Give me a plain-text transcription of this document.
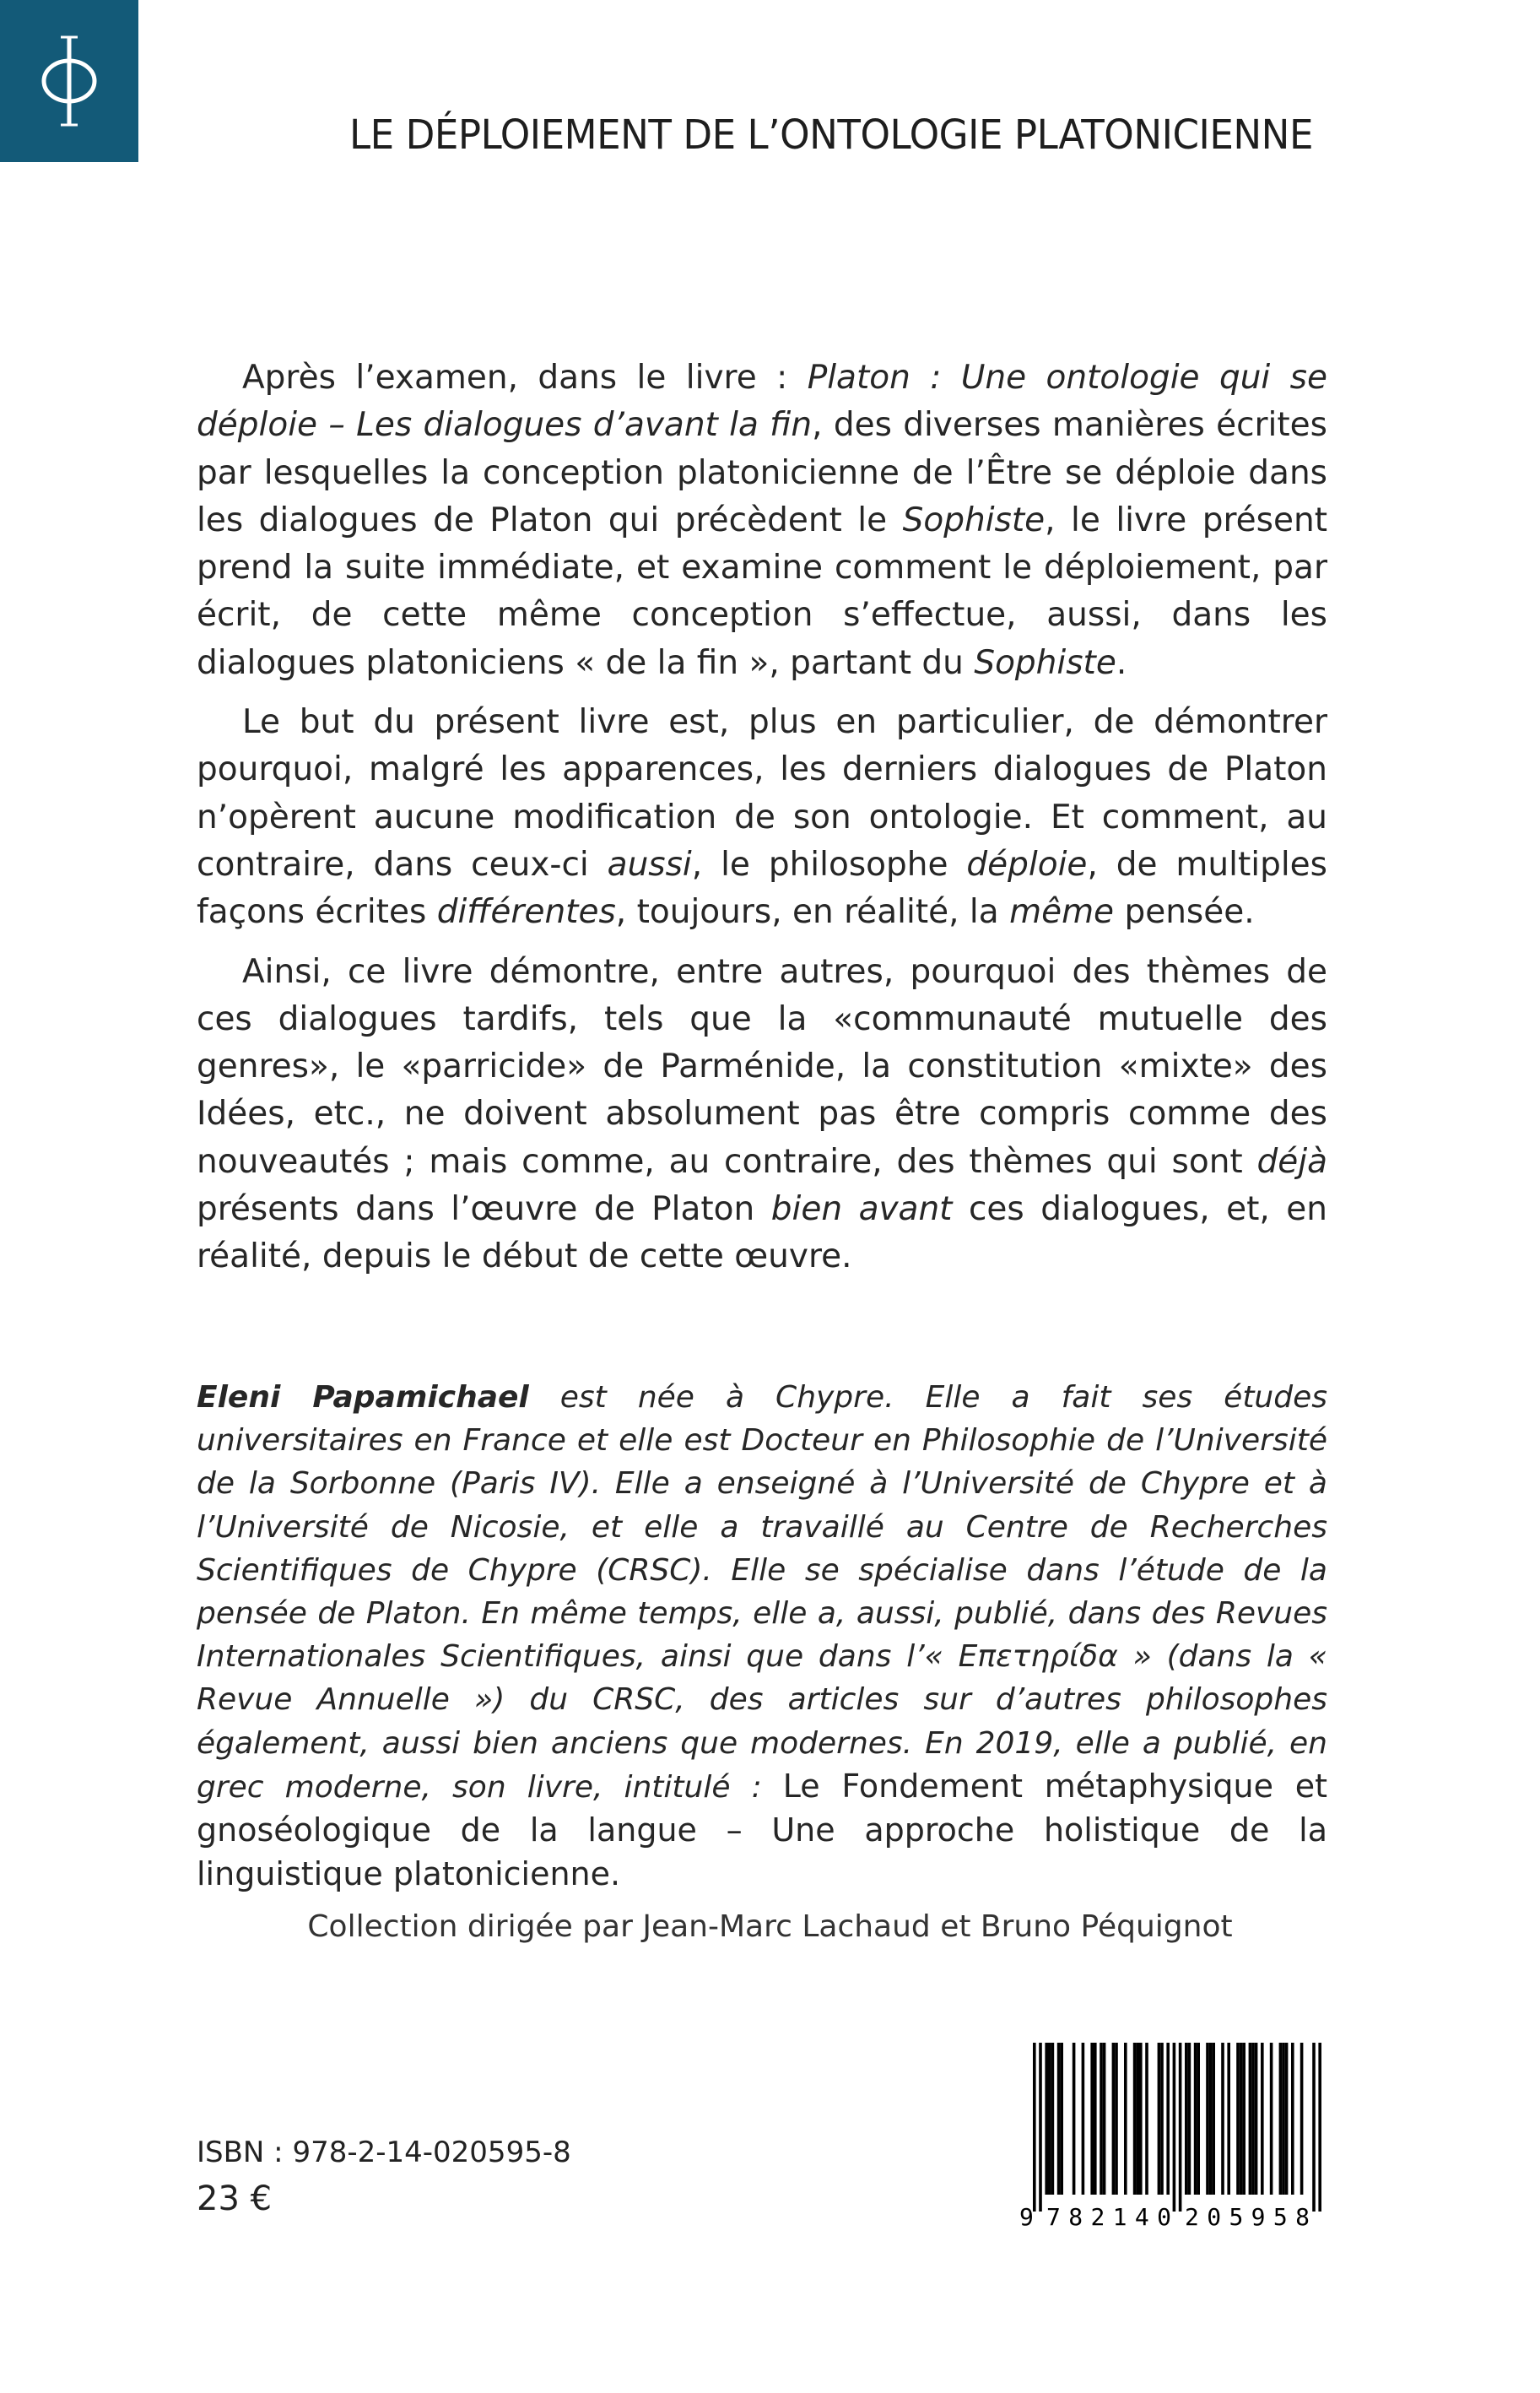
LE DÉPLOIEMENT DE L’ONTOLOGIE PLATONICIENNE

Après l’examen, dans le livre : Platon : Une ontologie qui se déploie – Les dialogues d’avant la fin, des diverses manières écrites par lesquelles la conception platonicienne de l’Être se déploie dans les dialogues de Platon qui précèdent le Sophiste, le livre présent prend la suite immédiate, et examine comment le déploiement, par écrit, de cette même conception s’effectue, aussi, dans les dialogues platoniciens « de la fin », partant du Sophiste.

Le but du présent livre est, plus en particulier, de démontrer pourquoi, malgré les apparences, les derniers dialogues de Platon n’opèrent aucune modification de son ontologie. Et comment, au contraire, dans ceux-ci aussi, le philosophe déploie, de multiples façons écrites différentes, toujours, en réalité, la même pensée.

Ainsi, ce livre démontre, entre autres, pourquoi des thèmes de ces dialogues tardifs, tels que la «communauté mutuelle des genres», le «parricide» de Parménide, la constitution «mixte» des Idées, etc., ne doivent absolument pas être compris comme des nouveautés ; mais comme, au contraire, des thèmes qui sont déjà présents dans l’œuvre de Platon bien avant ces dialogues, et, en réalité, depuis le début de cette œuvre.

Eleni Papamichael est née à Chypre. Elle a fait ses études universitaires en France et elle est Docteur en Philosophie de l’Université de la Sorbonne (Paris IV). Elle a enseigné à l’Université de Chypre et à l’Université de Nicosie, et elle a travaillé au Centre de Recherches Scientifiques de Chypre (CRSC). Elle se spécialise dans l’étude de la pensée de Platon. En même temps, elle a, aussi, publié, dans des Revues Internationales Scientifiques, ainsi que dans l’« Επετηρίδα » (dans la « Revue Annuelle ») du CRSC, des articles sur d’autres philosophes également, aussi bien anciens que modernes. En 2019, elle a publié, en grec moderne, son livre, intitulé : Le Fondement métaphysique et gnoséologique de la langue – Une approche holistique de la linguistique platonicienne.
Collection dirigée par Jean-Marc Lachaud et Bruno Péquignot
ISBN : 978-2-14-020595-8
23 €	9 782140 205958
